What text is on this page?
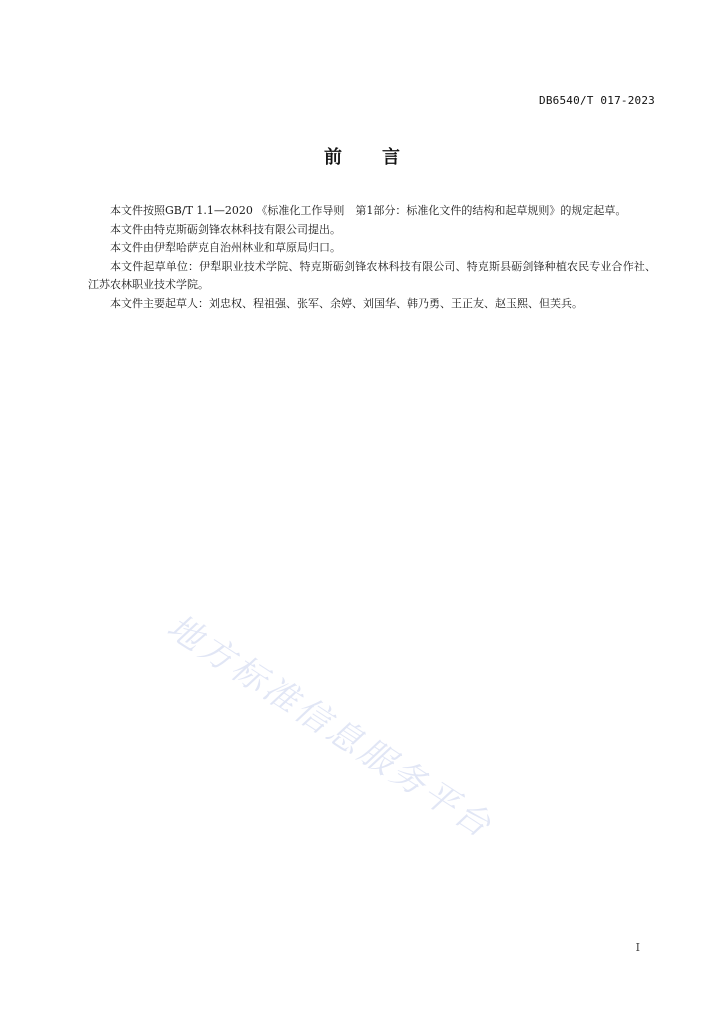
DB6540/T 017-2023
前言

本文件按照GB/T 1.1—2020 《标准化工作导则　第1部分：标准化文件的结构和起草规则》的规定起草。

本文件由特克斯砺剑锋农林科技有限公司提出。

本文件由伊犁哈萨克自治州林业和草原局归口。

本文件起草单位：伊犁职业技术学院、特克斯砺剑锋农林科技有限公司、特克斯县砺剑锋种植农民专业合作社、江苏农林职业技术学院。

本文件主要起草人：刘忠权、程祖强、张军、余婷、刘国华、韩乃勇、王正友、赵玉熙、但芙兵。

地方标准信息服务平台
I
